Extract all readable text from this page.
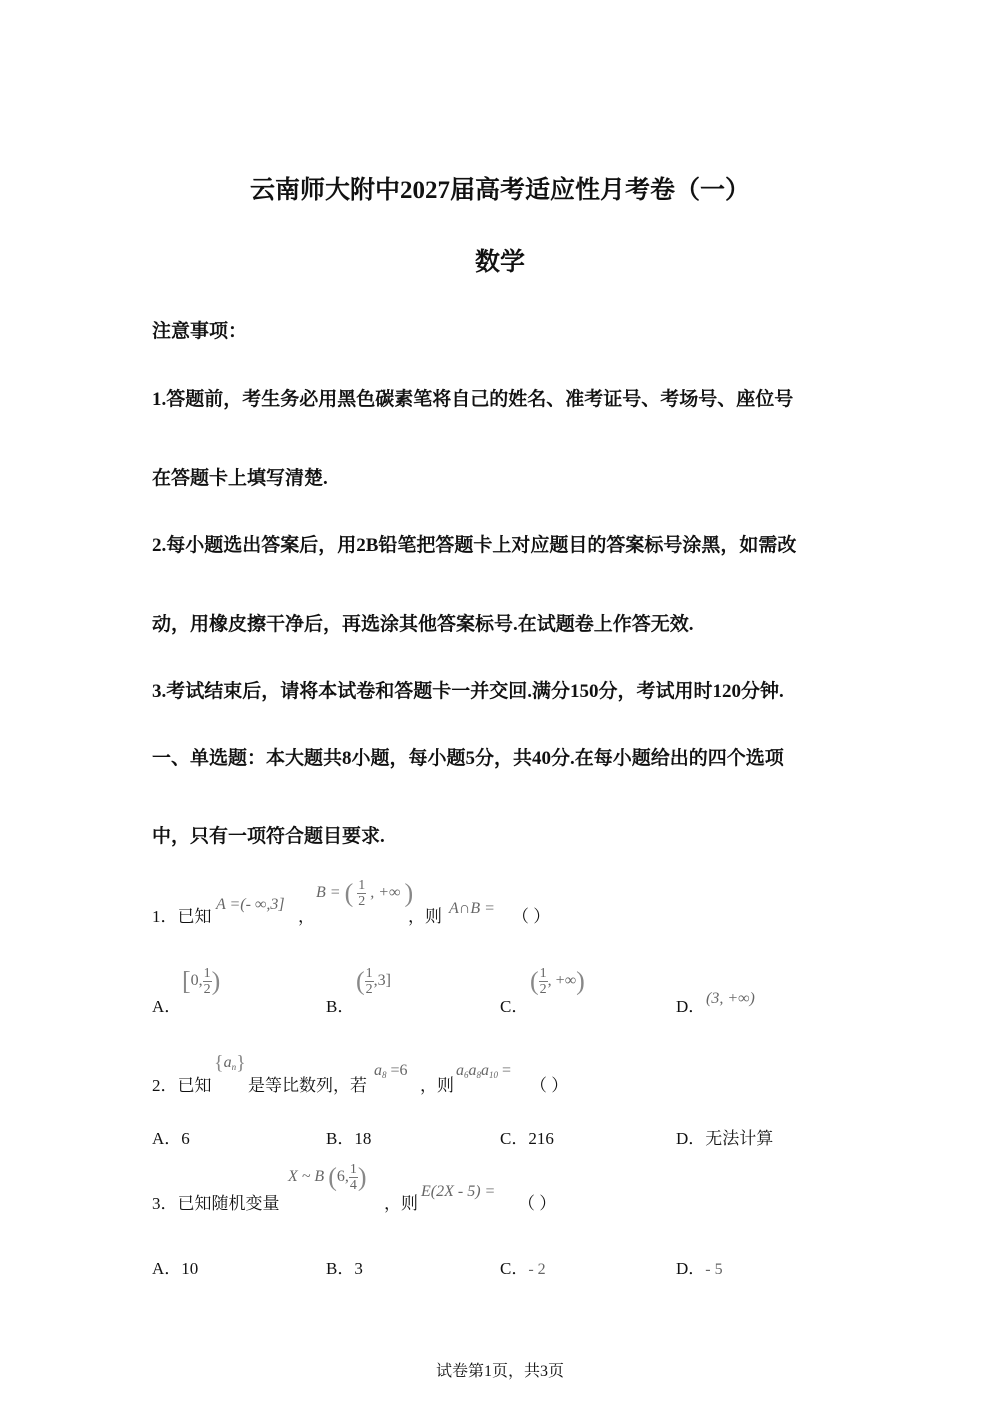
云南师大附中2027届高考适应性月考卷（一）
数学
注意事项：
1.答题前，考生务必用黑色碳素笔将自己的姓名、准考证号、考场号、座位号
在答题卡上填写清楚.
2.每小题选出答案后，用2B铅笔把答题卡上对应题目的答案标号涂黑，如需改
动，用橡皮擦干净后，再选涂其他答案标号.在试题卷上作答无效.
3.考试结束后，请将本试卷和答题卡一并交回.满分150分，考试用时120分钟.
一、单选题：本大题共8小题，每小题5分，共40分.在每小题给出的四个选项
中，只有一项符合题目要求.
1．已知
A =(- ∞,3]
，
B = ( $\frac{1}{2}$ , +∞ )
，则 A∩B = （ ）
A．
[0, $\frac{1}{2}$ )
B．
( $\frac{1}{2} ,3$]
C．
( $\frac{1}{2}$ , +∞)
D． (3, +∞)
2．已知
$\{a_n\}$
是等比数列，若
$a_8 =6$
，则
$a_6a_8a_{10}$ =
（ ）
A．6	B．18	C．216	D．无法计算
3．已知随机变量
X ~ B (6, $\frac{1}{4}$ )
，则
E(2X - 5) =
（ ）
A．10	B．3	C．- 2	D．- 5
试卷第1页，共3页
